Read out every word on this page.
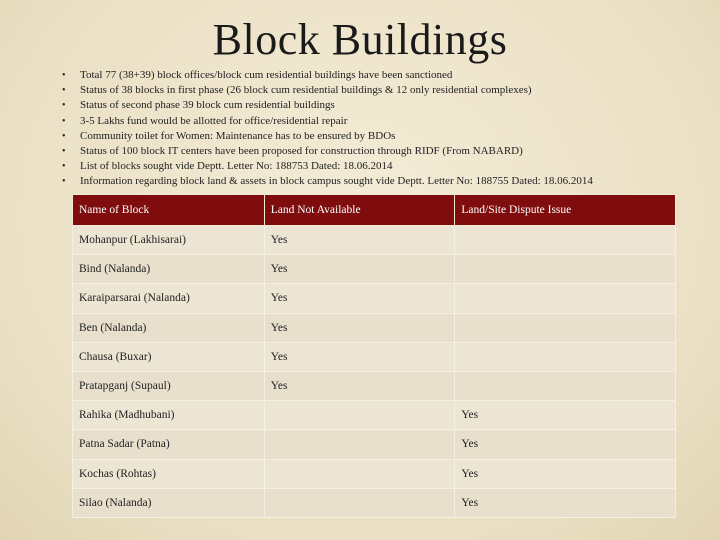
Block Buildings
• Total 77 (38+39) block offices/block cum residential buildings have been sanctioned
• Status of 38 blocks in first phase (26 block cum residential buildings & 12 only residential complexes)
• Status of second phase 39 block cum residential buildings
• 3-5 Lakhs fund would be allotted for office/residential repair
• Community toilet for Women: Maintenance has to be ensured by BDOs
• Status of 100 block IT centers have been proposed for construction through RIDF (From NABARD)
• List of blocks sought vide Deptt. Letter No: 188753 Dated: 18.06.2014
• Information regarding block land & assets in block campus sought vide Deptt. Letter No: 188755 Dated: 18.06.2014
Name of Block	Land Not Available	Land/Site Dispute Issue
Mohanpur (Lakhisarai)	Yes	
Bind (Nalanda)	Yes	
Karaiparsarai (Nalanda)	Yes	
Ben (Nalanda)	Yes	
Chausa (Buxar)	Yes	
Pratapganj (Supaul)	Yes	
Rahika (Madhubani)		Yes
Patna Sadar (Patna)		Yes
Kochas (Rohtas)		Yes
Silao (Nalanda)		Yes
